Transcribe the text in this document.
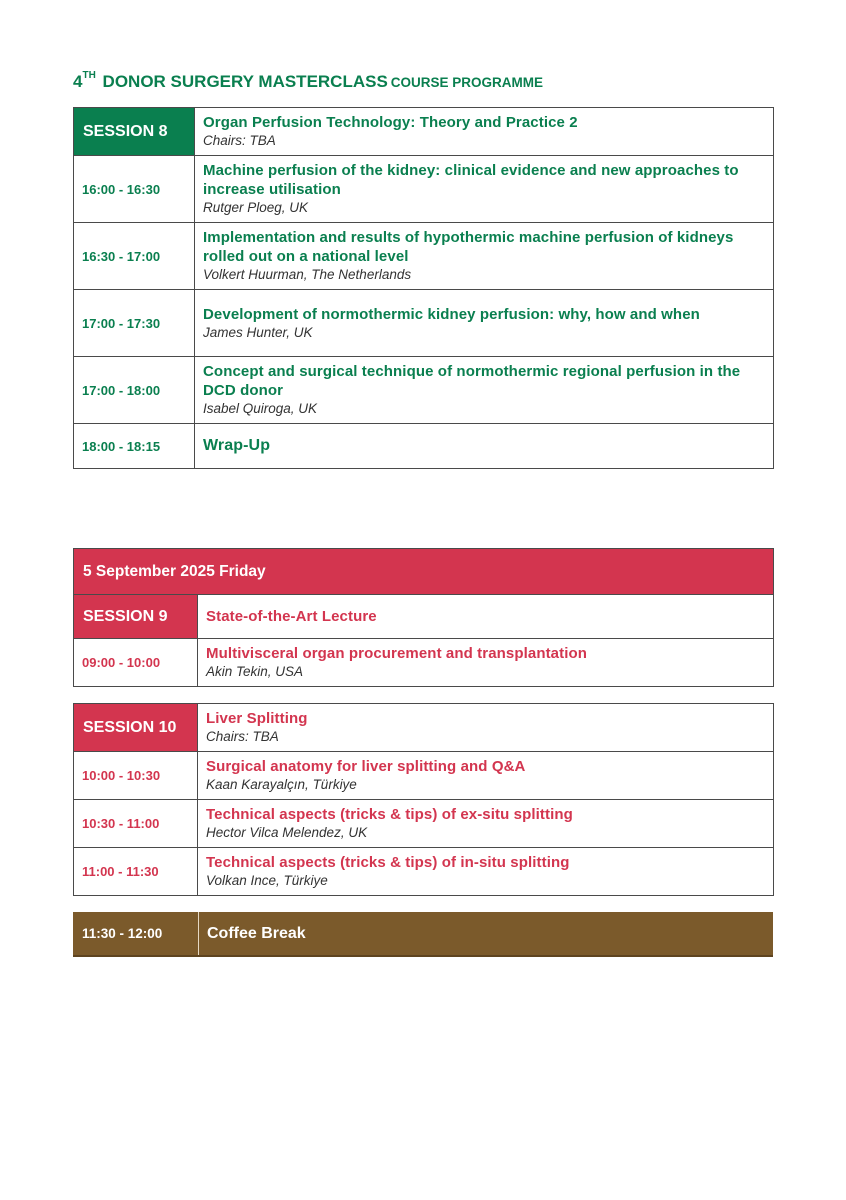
4TH DONOR SURGERY MASTERCLASS COURSE PROGRAMME
SESSION 8	Organ Perfusion Technology: Theory and Practice 2
Chairs: TBA

16:00 - 16:30	Machine perfusion of the kidney: clinical evidence and new approaches to increase utilisation
Rutger Ploeg, UK

16:30 - 17:00	Implementation and results of hypothermic machine perfusion of kidneys rolled out on a national level
Volkert Huurman, The Netherlands

17:00 - 17:30	Development of normothermic kidney perfusion: why, how and when
James Hunter, UK

17:00 - 18:00	Concept and surgical technique of normothermic regional perfusion in the DCD donor
Isabel Quiroga, UK

18:00 - 18:15	Wrap-Up
5 September 2025 Friday	
SESSION 9	State-of-the-Art Lecture

09:00 - 10:00	Multivisceral organ procurement and transplantation
Akin Tekin, USA
SESSION 10	Liver Splitting
Chairs: TBA

10:00 - 10:30	Surgical anatomy for liver splitting and Q&A
Kaan Karayalçın, Türkiye

10:30 - 11:00	Technical aspects (tricks & tips) of ex-situ splitting
Hector Vilca Melendez, UK

11:00 - 11:30	Technical aspects (tricks & tips) of in-situ splitting
Volkan Ince, Türkiye
11:30 - 12:00	Coffee Break
